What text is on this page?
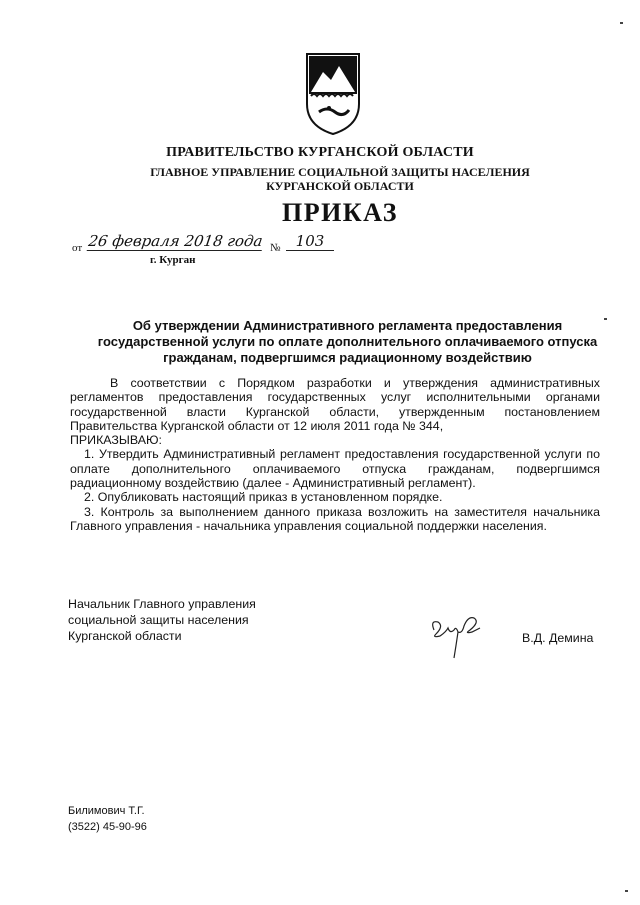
ПРАВИТЕЛЬСТВО КУРГАНСКОЙ ОБЛАСТИ
ГЛАВНОЕ УПРАВЛЕНИЕ СОЦИАЛЬНОЙ ЗАЩИТЫ НАСЕЛЕНИЯ
КУРГАНСКОЙ ОБЛАСТИ
ПРИКАЗ
от 26 февраля 2018 года №	103
г. Курган
Об утверждении Административного регламента предоставления
государственной услуги по оплате дополнительного оплачиваемого отпуска
гражданам, подвергшимся радиационному воздействию

В соответствии с Порядком разработки и утверждения административных регламентов предоставления государственных услуг исполнительными органами государственной власти Курганской области, утвержденным постановлением Правительства Курганской области от 12 июля 2011 года № 344,

ПРИКАЗЫВАЮ:

1. Утвердить Административный регламент предоставления государственной услуги по оплате дополнительного оплачиваемого отпуска гражданам, подвергшимся радиационному воздействию (далее - Административный регламент).

2. Опубликовать настоящий приказ в установленном порядке.

3. Контроль за выполнением данного приказа возложить на заместителя начальника Главного управления - начальника управления социальной поддержки населения.

Начальник Главного управления
социальной защиты населения
Курганской области	В.Д. Демина
Билимович Т.Г.
(3522) 45-90-96
